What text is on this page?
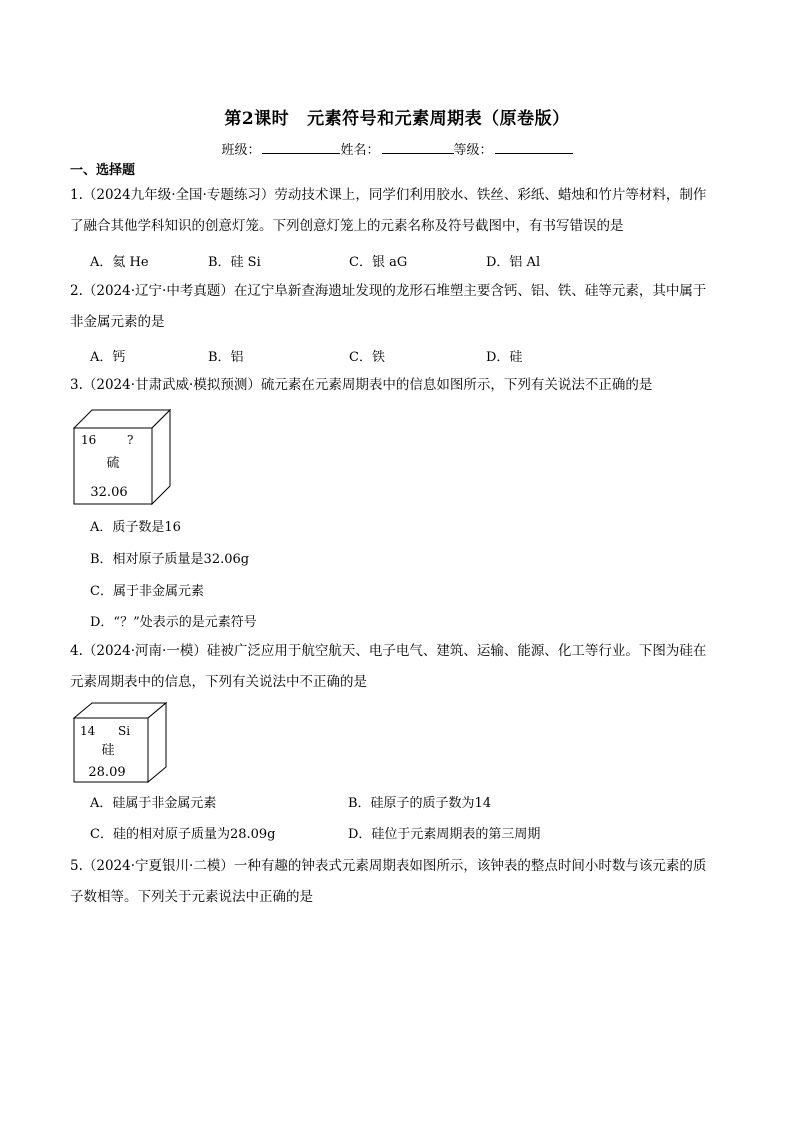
第2课时 元素符号和元素周期表（原卷版）
班级：	姓名：	等级：
一、选择题
1.（2024九年级·全国·专题练习）劳动技术课上，同学们利用胶水、铁丝、彩纸、蜡烛和竹片等材料，制作
了融合其他学科知识的创意灯笼。下列创意灯笼上的元素名称及符号截图中，有书写错误的是
A．氦 He	B．硅 Si	C．银 aG	D．铝 Al
2.（2024·辽宁·中考真题）在辽宁阜新查海遗址发现的龙形石堆塑主要含钙、铝、铁、硅等元素，其中属于
非金属元素的是
A．钙	B．铝	C．铁	D．硅
3.（2024·甘肃武威·模拟预测）硫元素在元素周期表中的信息如图所示，下列有关说法不正确的是
16	?
硫
32.06
A．质子数是16
B．相对原子质量是32.06g
C．属于非金属元素
D．“？”处表示的是元素符号
4.（2024·河南·一模）硅被广泛应用于航空航天、电子电气、建筑、运输、能源、化工等行业。下图为硅在
元素周期表中的信息，下列有关说法中不正确的是
14 Si
硅
28.09
A．硅属于非金属元素	B．硅原子的质子数为14
C．硅的相对原子质量为28.09g	D．硅位于元素周期表的第三周期
5.（2024·宁夏银川·二模）一种有趣的钟表式元素周期表如图所示，该钟表的整点时间小时数与该元素的质
子数相等。下列关于元素说法中正确的是
